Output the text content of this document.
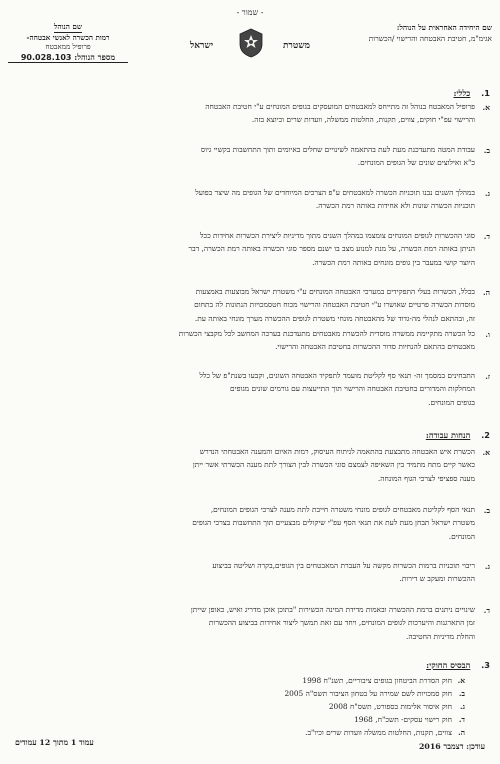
- שמור -
שם היחידה האחראית על הנוהל:
אגימ"מ, חטיבת האבטחה והרישוי /הכשרות
משטרת
ישראל
שם הנוהל
רמות הכשרה לאנשי אבטחה-
פרופיל ממאבטח
מספר הנוהל: 90.028.103
1. כללי:
א.
פרופיל המאבטח בנוהל זה מתייחס למאבטחים המועסקים בגופים המונחים ע"י חטיבת האבטחה
והרישוי עפ"י חוקים, צווים, תקנות, החלטות ממשלה, וועדות שרים וכיוצא בזה.
ב.
עבודת המטה מתעדכנת מעת לעת בהתאמה לשינויים שחלים באיומים ותוך התחשבות בקשיי גיוס
כ"א ואילוצים שונים של הגופים המונחים.
ג.
במהלך השנים נבנו תוכניות הכשרה למאבטחים ע"פ הצרכים המיוחדים של הגופים מה שיצר בפועל
תוכניות הכשרה שונות ולא אחידות באותה רמת הכשרה.
ד.
סוגי ההכשרות לגופים המונחים צומצמו במהלך השנים מתוך מדיניות ליצירת הכשרות אחידות ככל
הניתן באותה רמת הכשרה, על מנת למנוע מצב בו ישנם מספר סוגי הכשרה באותה רמת הכשרה, דבר
היוצר קושי במעבר בין גופים מונחים באותה רמת הכשרה.
ה.
בכלל, הכשרות בעלי התפקידים במערכי האבטחה המונחים ע"י משטרת ישראל מבוצעות באמצעות
מוסדות הכשרה פרטיים שאושרו ע"י חטיבת האבטחה והרישוי מכוח חטסמכויות הנתונות לה בתחום
זה, ובהתאם לנהלי מה-גדוד של מהאבטחה מונחי משטרת לגופים ההכשרה מערך מונחי באותה עת.
ו.
כל הכשרה מתקיימת ממשרה מוסדית להכשרת מאבטחים מתעדכנת בערכה המחשב לכל מקבצי הכשרות
מאבטחים בהתאם להנחיות סדור ההכשרות בחטיבת האבטחה והרישוי.
ז.
התבחינים במסמך זה- תנאי סף לקליטת מועמד לתפקיד האבטחה השונים, וקבעו בשנת"פ של כלל
המחלקות והמדורים בחטיבת האבטחה והרישוי תוך התייעצות עם גורמים שונים מגופים
בגופים המונחים.
2. הנחות עבודה:
א.
הכשרת איש האבטחה מתבצעת בהתאמה לניתוח העיסוק, רמות האיום והמענה האבטחתי הנדרש
כאשר קיים מתח מתמיד בין השאיפה לצמצם סוגי הכשרה לבין הצורך לתת מענה הכשרתי אשר ייתן
מענה ספציפי לצרכי הגוף המונחה.
ב.
תנאי הסף לקליטת מאבטחים לגופים מונחי משטרה חייבת לתת מענה לצרכי הגופים המונחים,
משטרת ישראל תבחן מעת לעת את תנאי הסף עפ"י שיקולים מבצעיים תוך התחשבות בצרכי הגופים
המונחים.
ג.
ריבוי תוכניות ברמות הכשרות מקשה על העברת המאבטחים בין הגופים,בקרה ושליטה בביצוע
ההכשרות ומעקב ש דירות.
ד.
שינויים ניתנים ברמת ההכשרה ובאמות מדידת המינה הכשירות "בתוכן אוכן מדריג ואיש, כאופן שייתן
זמן התארגנות והיערכות לגופים המונחים, ויחד עם זאת תמשך ליצור אחידות בביצוע ההכשרות
והחלת מדיניות החטיבה.
3. הבסיס החוקי:
א.
חוק הסדרת הביטחון בגופים ציבוריים, תשנ"ח 1998
ב.
חוק סמכויות לשם שמירה על בטחון הציבור תשס"ה 2005
ג.
חוק איסור אלימות בספורט, תשס"ח 2008
ד.
חוק רישוי עסקים- תשכ"ח, 1968
ה.
צווים, תקנות, החלטות ממשלה וועדות שרים וכיו"ב.
עודכן: דצמבר 2016
עמוד 1 מתוך 12 עמודים
